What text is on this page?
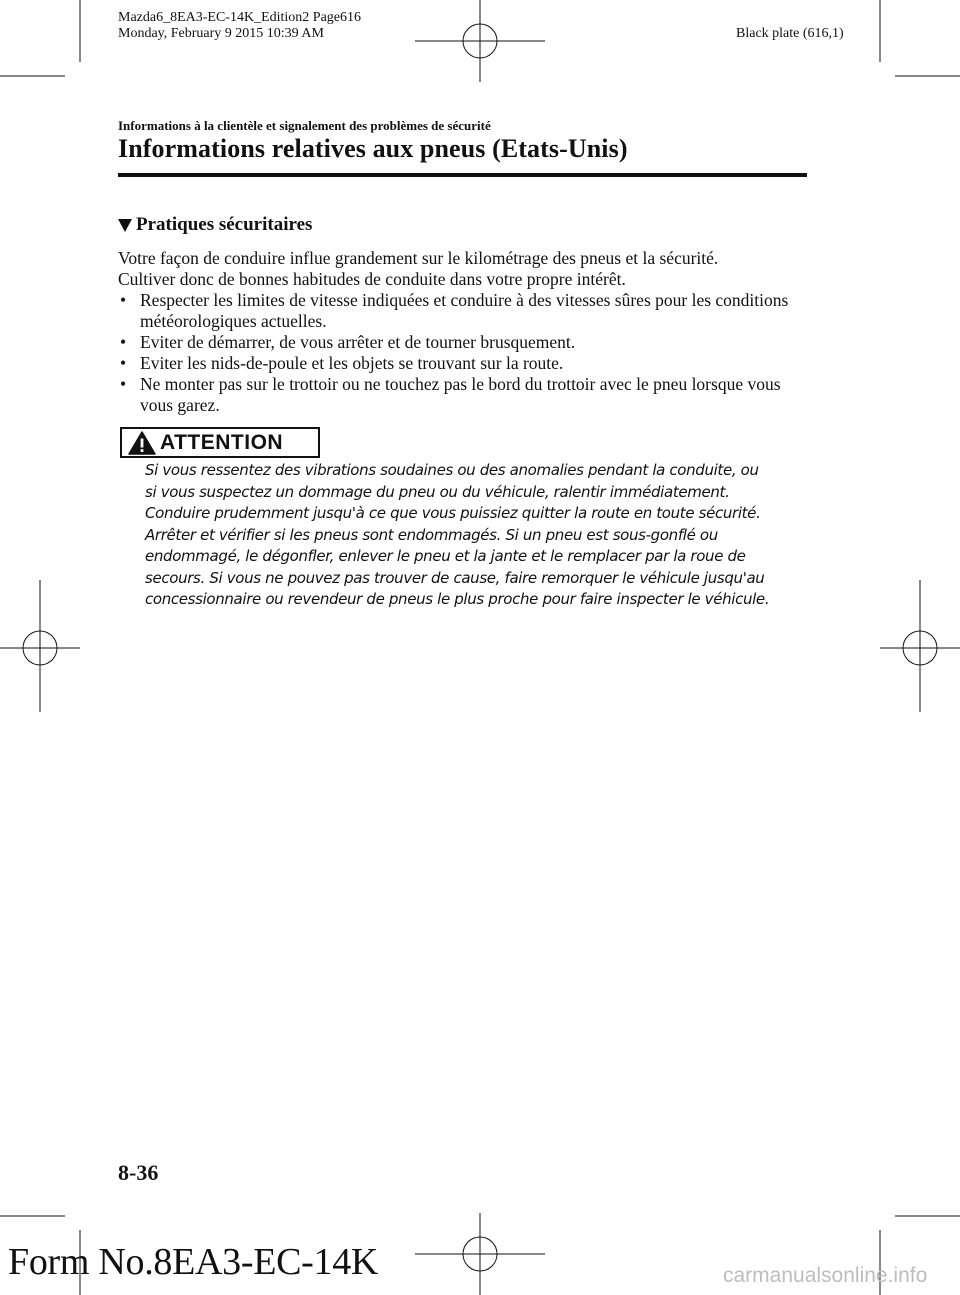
Mazda6_8EA3-EC-14K_Edition2 Page616
Monday, February 9 2015 10:39 AM	Black plate (616,1)
Informations à la clientèle et signalement des problèmes de sécurité
Informations relatives aux pneus (Etats-Unis)
Pratiques sécuritaires

Votre façon de conduire influe grandement sur le kilométrage des pneus et la sécurité.

Cultiver donc de bonnes habitudes de conduite dans votre propre intérêt.

• Respecter les limites de vitesse indiquées et conduire à des vitesses sûres pour les conditions météorologiques actuelles.
• Eviter de démarrer, de vous arrêter et de tourner brusquement.
• Eviter les nids-de-poule et les objets se trouvant sur la route.
• Ne monter pas sur le trottoir ou ne touchez pas le bord du trottoir avec le pneu lorsque vous vous garez.
ATTENTION
Si vous ressentez des vibrations soudaines ou des anomalies pendant la conduite, ou
si vous suspectez un dommage du pneu ou du véhicule, ralentir immédiatement.
Conduire prudemment jusqu'à ce que vous puissiez quitter la route en toute sécurité.
Arrêter et vérifier si les pneus sont endommagés. Si un pneu est sous-gonflé ou
endommagé, le dégonfler, enlever le pneu et la jante et le remplacer par la roue de
secours. Si vous ne pouvez pas trouver de cause, faire remorquer le véhicule jusqu'au
concessionnaire ou revendeur de pneus le plus proche pour faire inspecter le véhicule.
8-36
Form No.8EA3-EC-14K	carmanualsonline.info
